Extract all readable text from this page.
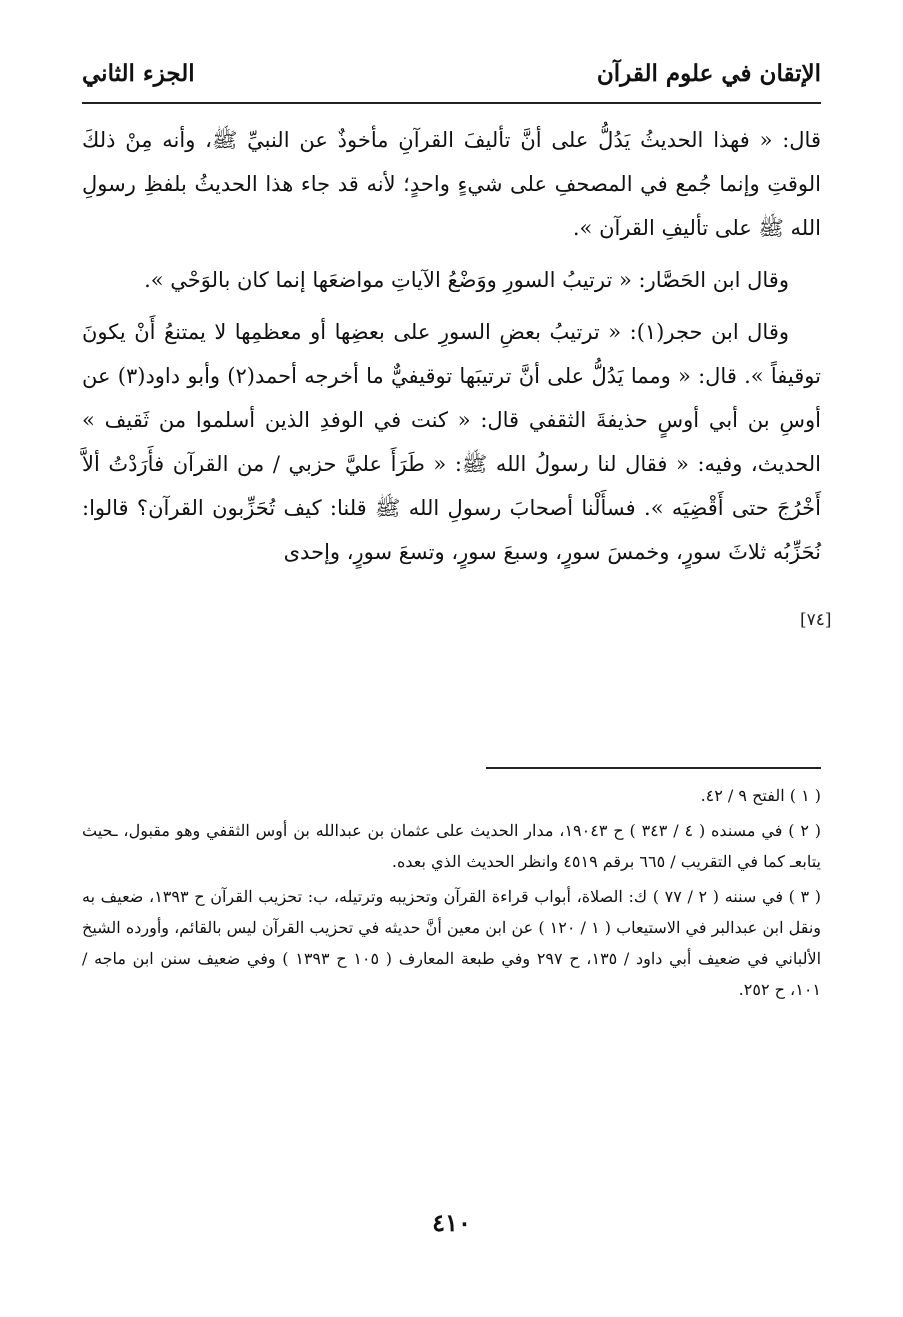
الإتقان في علوم القرآن
الجزء الثاني

قال: « فهذا الحديثُ يَدُلُّ على أنَّ تأليفَ القرآنِ مأخوذٌ عن النبيِّ ﷺ، وأنه مِنْ ذلكَ الوقتِ وإنما جُمع في المصحفِ على شيءٍ واحدٍ؛ لأنه قد جاء هذا الحديثُ بلفظِ رسولِ الله ﷺ على تأليفِ القرآن ».

وقال ابن الحَصَّار: « ترتيبُ السورِ ووَضْعُ الآياتِ مواضعَها إنما كان بالوَحْي ».

وقال ابن حجر(١): « ترتيبُ بعضِ السورِ على بعضِها أو معظمِها لا يمتنعُ أَنْ يكونَ توقيفاً ». قال: « ومما يَدُلُّ على أنَّ ترتيبَها توقيفيٌّ ما أخرجه أحمد(٢) وأبو داود(٣) عن أوسِ بن أبي أوسٍ حذيفةَ الثقفي قال: « كنت في الوفدِ الذين أسلموا من ثَقيف » الحديث، وفيه: « فقال لنا رسولُ الله ﷺ: « طَرَأَ عليَّ حزبي / من القرآن فأَرَدْتُ ألاَّ أَخْرُجَ حتى أَقْضِيَه ». فسأَلْنا أصحابَ رسولِ الله ﷺ قلنا: كيف تُحَزِّبون القرآن؟ قالوا: نُحَزِّبُه ثلاثَ سورٍ، وخمسَ سورٍ، وسبعَ سورٍ، وتسعَ سورٍ، وإحدى

[٧٤]
( ١ ) الفتح ٩ / ٤٢.
( ٢ ) في مسنده ( ٤ / ٣٤٣ ) ح ١٩٠٤٣، مدار الحديث على عثمان بن عبدالله بن أوس الثقفي وهو مقبول، ـحيث يتابعـ كما في التقريب / ٦٦٥ برقم ٤٥١٩ وانظر الحديث الذي بعده.
( ٣ ) في سننه ( ٢ / ٧٧ ) ك: الصلاة، أبواب قراءة القرآن وتحزيبه وترتيله، ب: تحزيب القرآن ح ١٣٩٣، ضعيف به ونقل ابن عبدالبر في الاستيعاب ( ١ / ١٢٠ ) عن ابن معين أنَّ حديثه في تحزيب القرآن ليس بالقائم، وأورده الشيخ الألباني في ضعيف أبي داود / ١٣٥، ح ٢٩٧ وفي طبعة المعارف ( ١٠٥ ح ١٣٩٣ ) وفي ضعيف سنن ابن ماجه / ١٠١، ح ٢٥٢.
٤١٠
